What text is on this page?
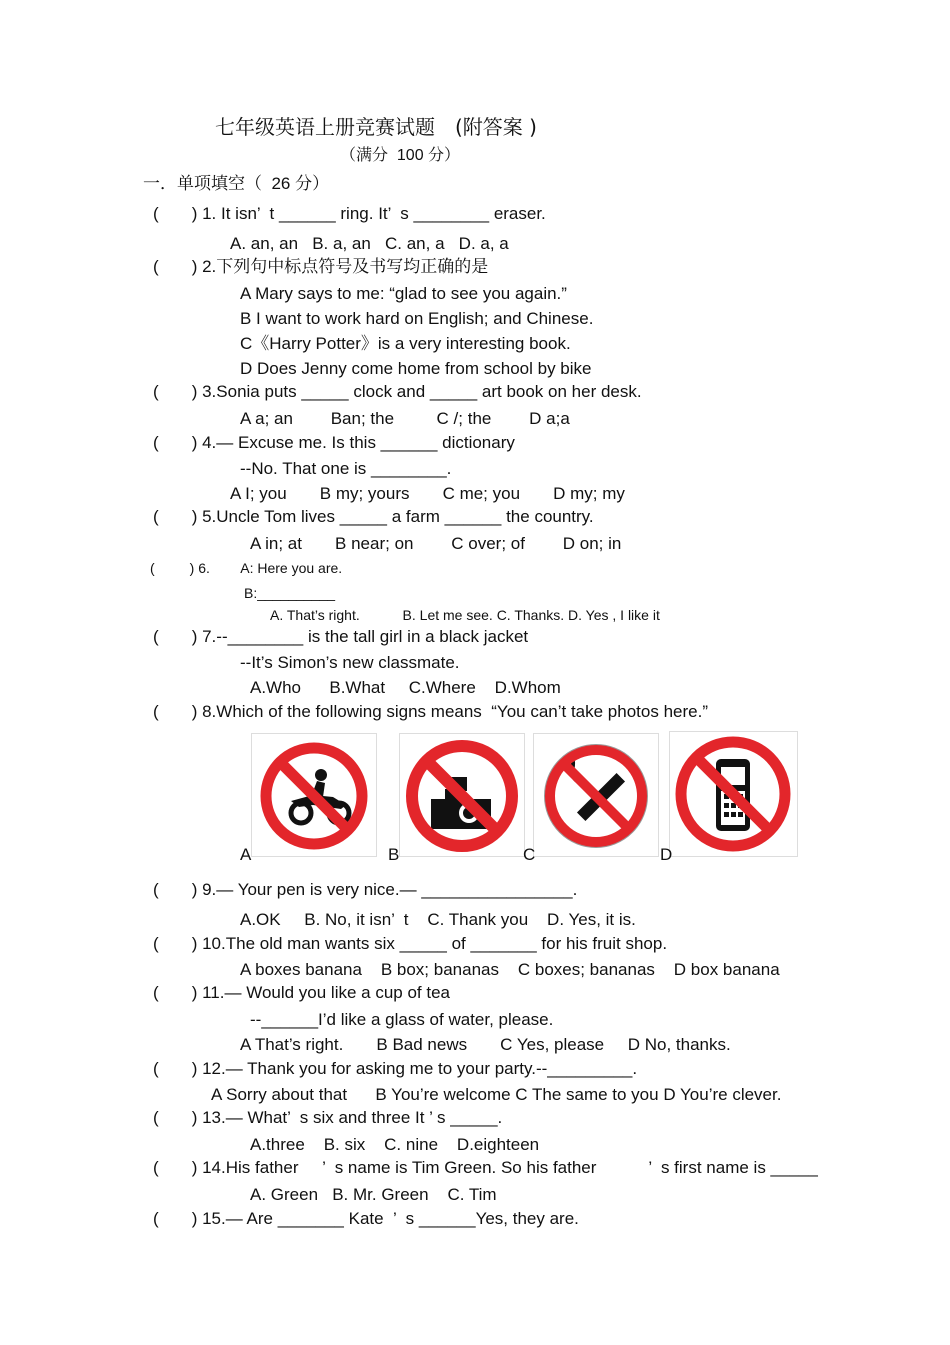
七年级英语上册竞赛试题　(附答案 )
（满分  100 分）
一．单项填空（  26 分）
(       ) 1. It isn’  t ______ ring. It’  s ________ eraser.
A. an, an   B. a, an   C. an, a   D. a, a
(       ) 2.下列句中标点符号及书写均正确的是
A Mary says to me: “glad to see you again.”
B I want to work hard on English; and Chinese.
C《Harry Potter》is a very interesting book.
D Does Jenny come home from school by bike
(       ) 3.Sonia puts _____ clock and _____ art book on her desk.
A a; an        Ban; the         C /; the        D a;a
(       ) 4.— Excuse me. Is this ______ dictionary
--No. That one is ________.
A I; you       B my; yours       C me; you       D my; my
(       ) 5.Uncle Tom lives _____ a farm ______ the country.
A in; at       B near; on        C over; of        D on; in
(         ) 6.        A: Here you are.
B:__________
A. That’s right.           B. Let me see. C. Thanks. D. Yes , I like it
(       ) 7.--________ is the tall girl in a black jacket
--It’s Simon’s new classmate.
A.Who      B.What     C.Where    D.Whom
(       ) 8.Which of the following signs means  “You can’t take photos here.”
A	B	C	D
(       ) 9.— Your pen is very nice.— ________________.
A.OK     B. No, it isn’  t    C. Thank you    D. Yes, it is.
(       ) 10.The old man wants six _____ of _______ for his fruit shop.
A boxes banana    B box; bananas    C boxes; bananas    D box banana
(       ) 11.— Would you like a cup of tea
--______I’d like a glass of water, please.
A That’s right.       B Bad news       C Yes, please     D No, thanks.
(       ) 12.— Thank you for asking me to your party.--_________.
A Sorry about that      B You’re welcome C The same to you D You’re clever.
(       ) 13.— What’  s six and three It ’ s _____.
A.three    B. six    C. nine    D.eighteen
(       ) 14.His father     ’  s name is Tim Green. So his father           ’  s first name is _____
A. Green   B. Mr. Green    C. Tim
(       ) 15.— Are _______ Kate  ’  s ______Yes, they are.
